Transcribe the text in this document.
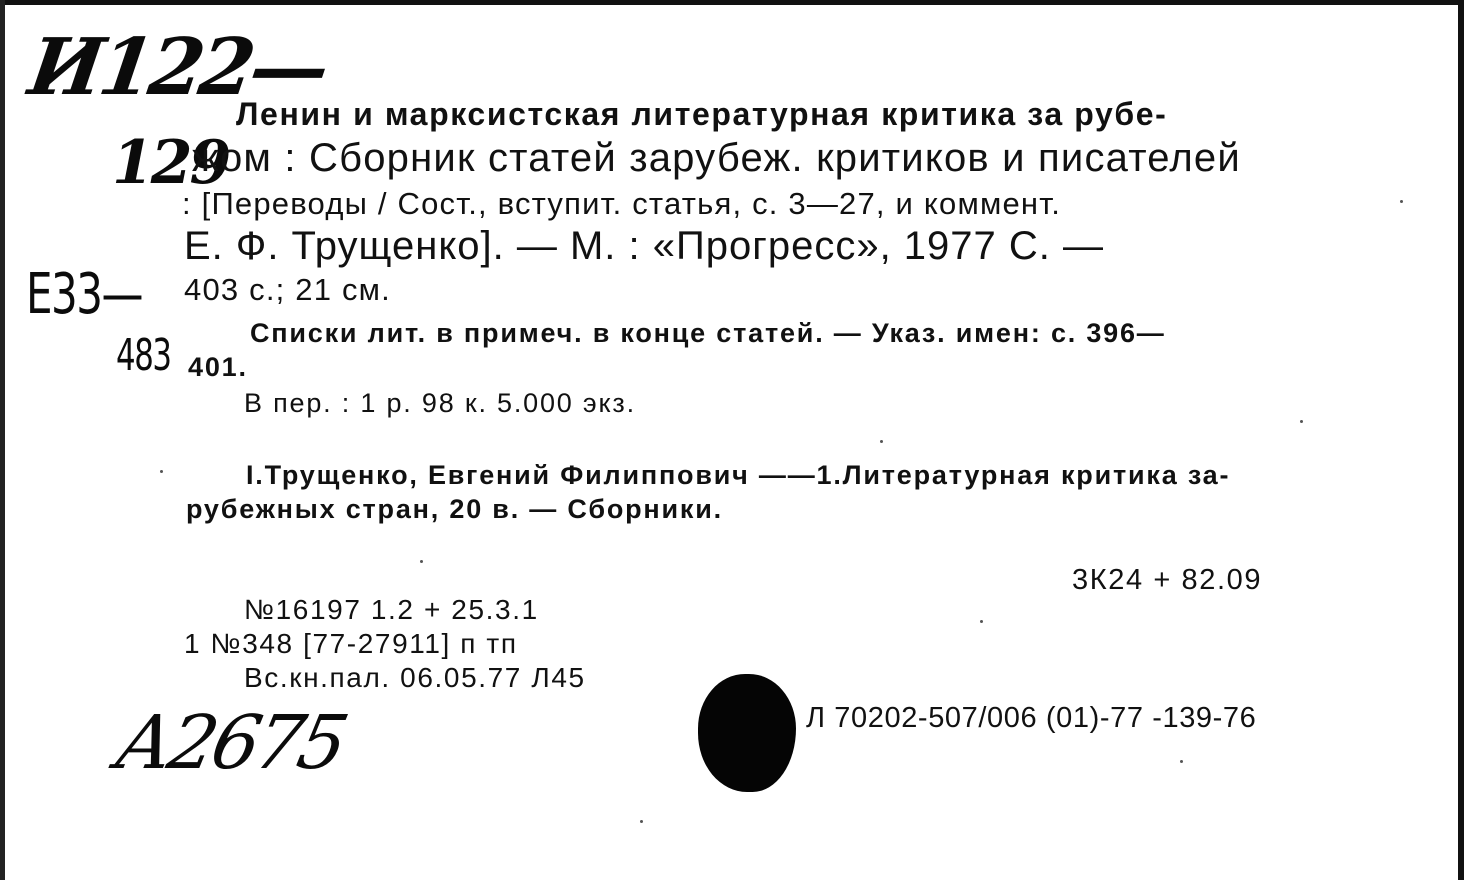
И122—
129
Е33—
483
А2675
Ленин и марксистская литературная критика за рубе-
жом : Сборник статей зарубеж. критиков и писателей
: [Переводы / Сост., вступит. статья, с. 3—27, и коммент.
Е. Ф. Трущенко]. — М. : «Прогресс», 1977 С. —
403 с.; 21 см.
Списки лит. в примеч. в конце статей. — Указ. имен: с. 396—
401.
В пер. : 1 р. 98 к. 5.000 экз.
I.Трущенко, Евгений Филиппович ——1.Литературная критика за-
рубежных стран, 20 в. — Сборники.
3К24 + 82.09
№16197 1.2 + 25.3.1
1 №348 [77-27911] п тп
Вс.кн.пал. 06.05.77 Л45
Л 70202-507/006 (01)-77 -139-76
